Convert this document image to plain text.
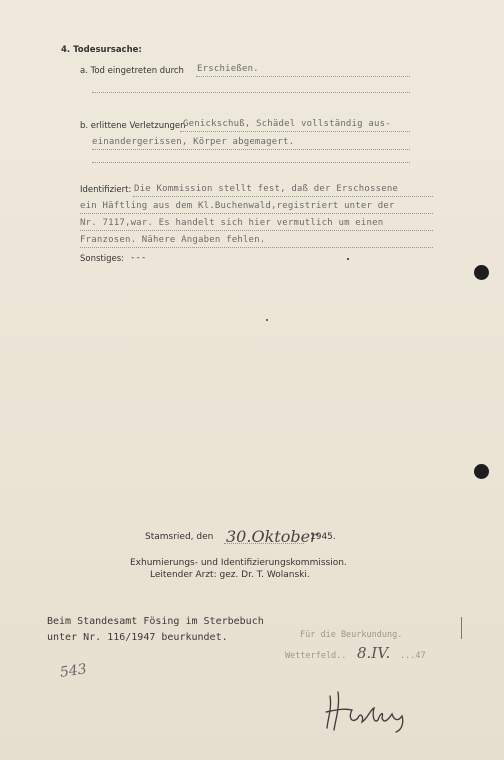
4. Todesursache:
a. Tod eingetreten durch Erschießen.
b. erlittene Verletzungen
Genickschuß, Schädel vollständig aus-
einandergerissen, Körper abgemagert.
Identifiziert: Die Kommission stellt fest, daß der Erschossene
ein Häftling aus dem Kl.Buchenwald,registriert unter der
Nr. 7117,war. Es handelt sich hier vermutlich um einen
Franzosen. Nähere Angaben fehlen.
Sonstiges: ---
Stamsried, den 30.Oktober
1945.
Exhumierungs- und Identifizierungskommission.
Leitender Arzt: gez. Dr. T. Wolanski.
Beim Standesamt Fösing im Sterbebuch
unter Nr. 116/1947 beurkundet.	Für die Beurkundung.
Wetterfeld.. 8.IV. ...47
543
